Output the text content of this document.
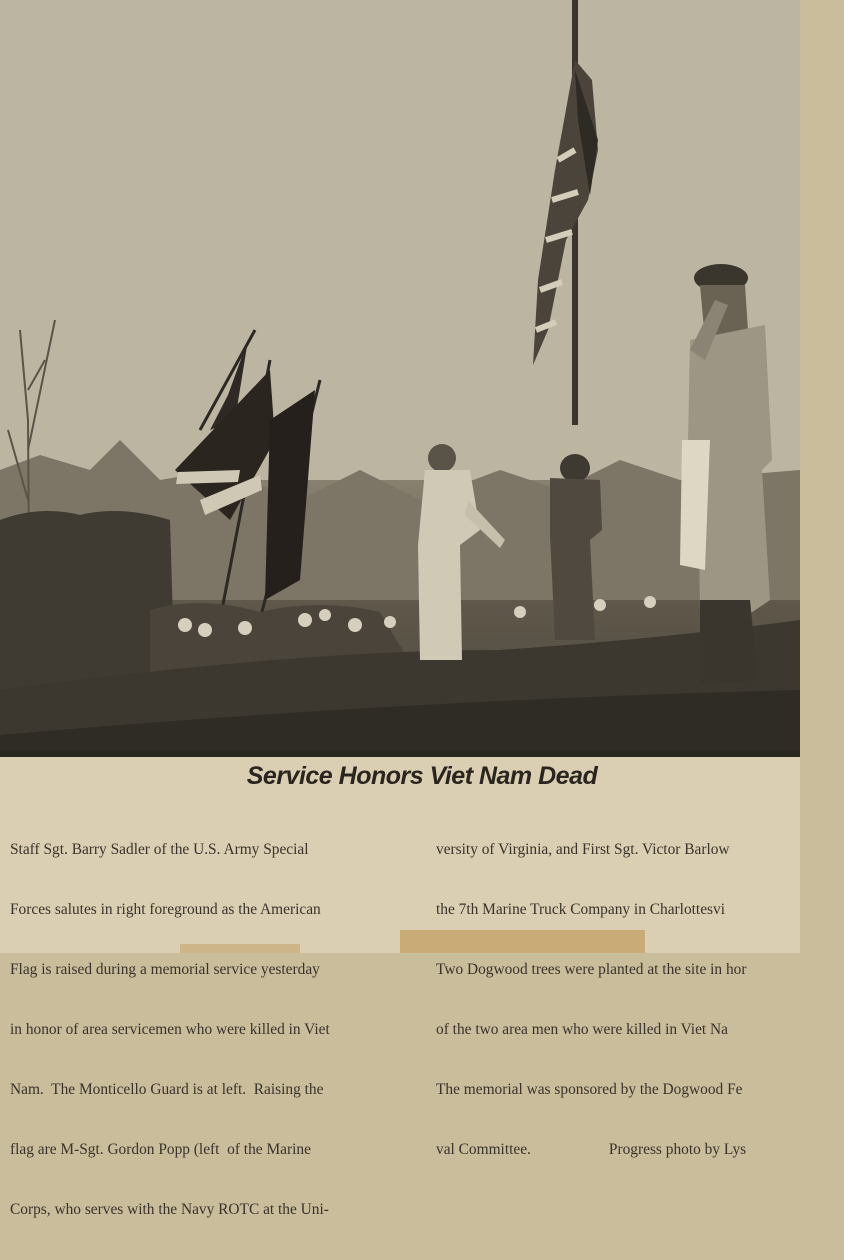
Service Honors Viet Nam Dead

Staff Sgt. Barry Sadler of the U.S. Army Special

Forces salutes in right foreground as the American

Flag is raised during a memorial service yesterday

in honor of area servicemen who were killed in Viet

Nam.  The Monticello Guard is at left.  Raising the

flag are M-Sgt. Gordon Popp (left  of the Marine

Corps, who serves with the Navy ROTC at the Uni-

versity of Virginia, and First Sgt. Victor Barlow

the 7th Marine Truck Company in Charlottesvi

Two Dogwood trees were planted at the site in hor

of the two area men who were killed in Viet Na

The memorial was sponsored by the Dogwood Fe

val Committee.	Progress photo by Lys
